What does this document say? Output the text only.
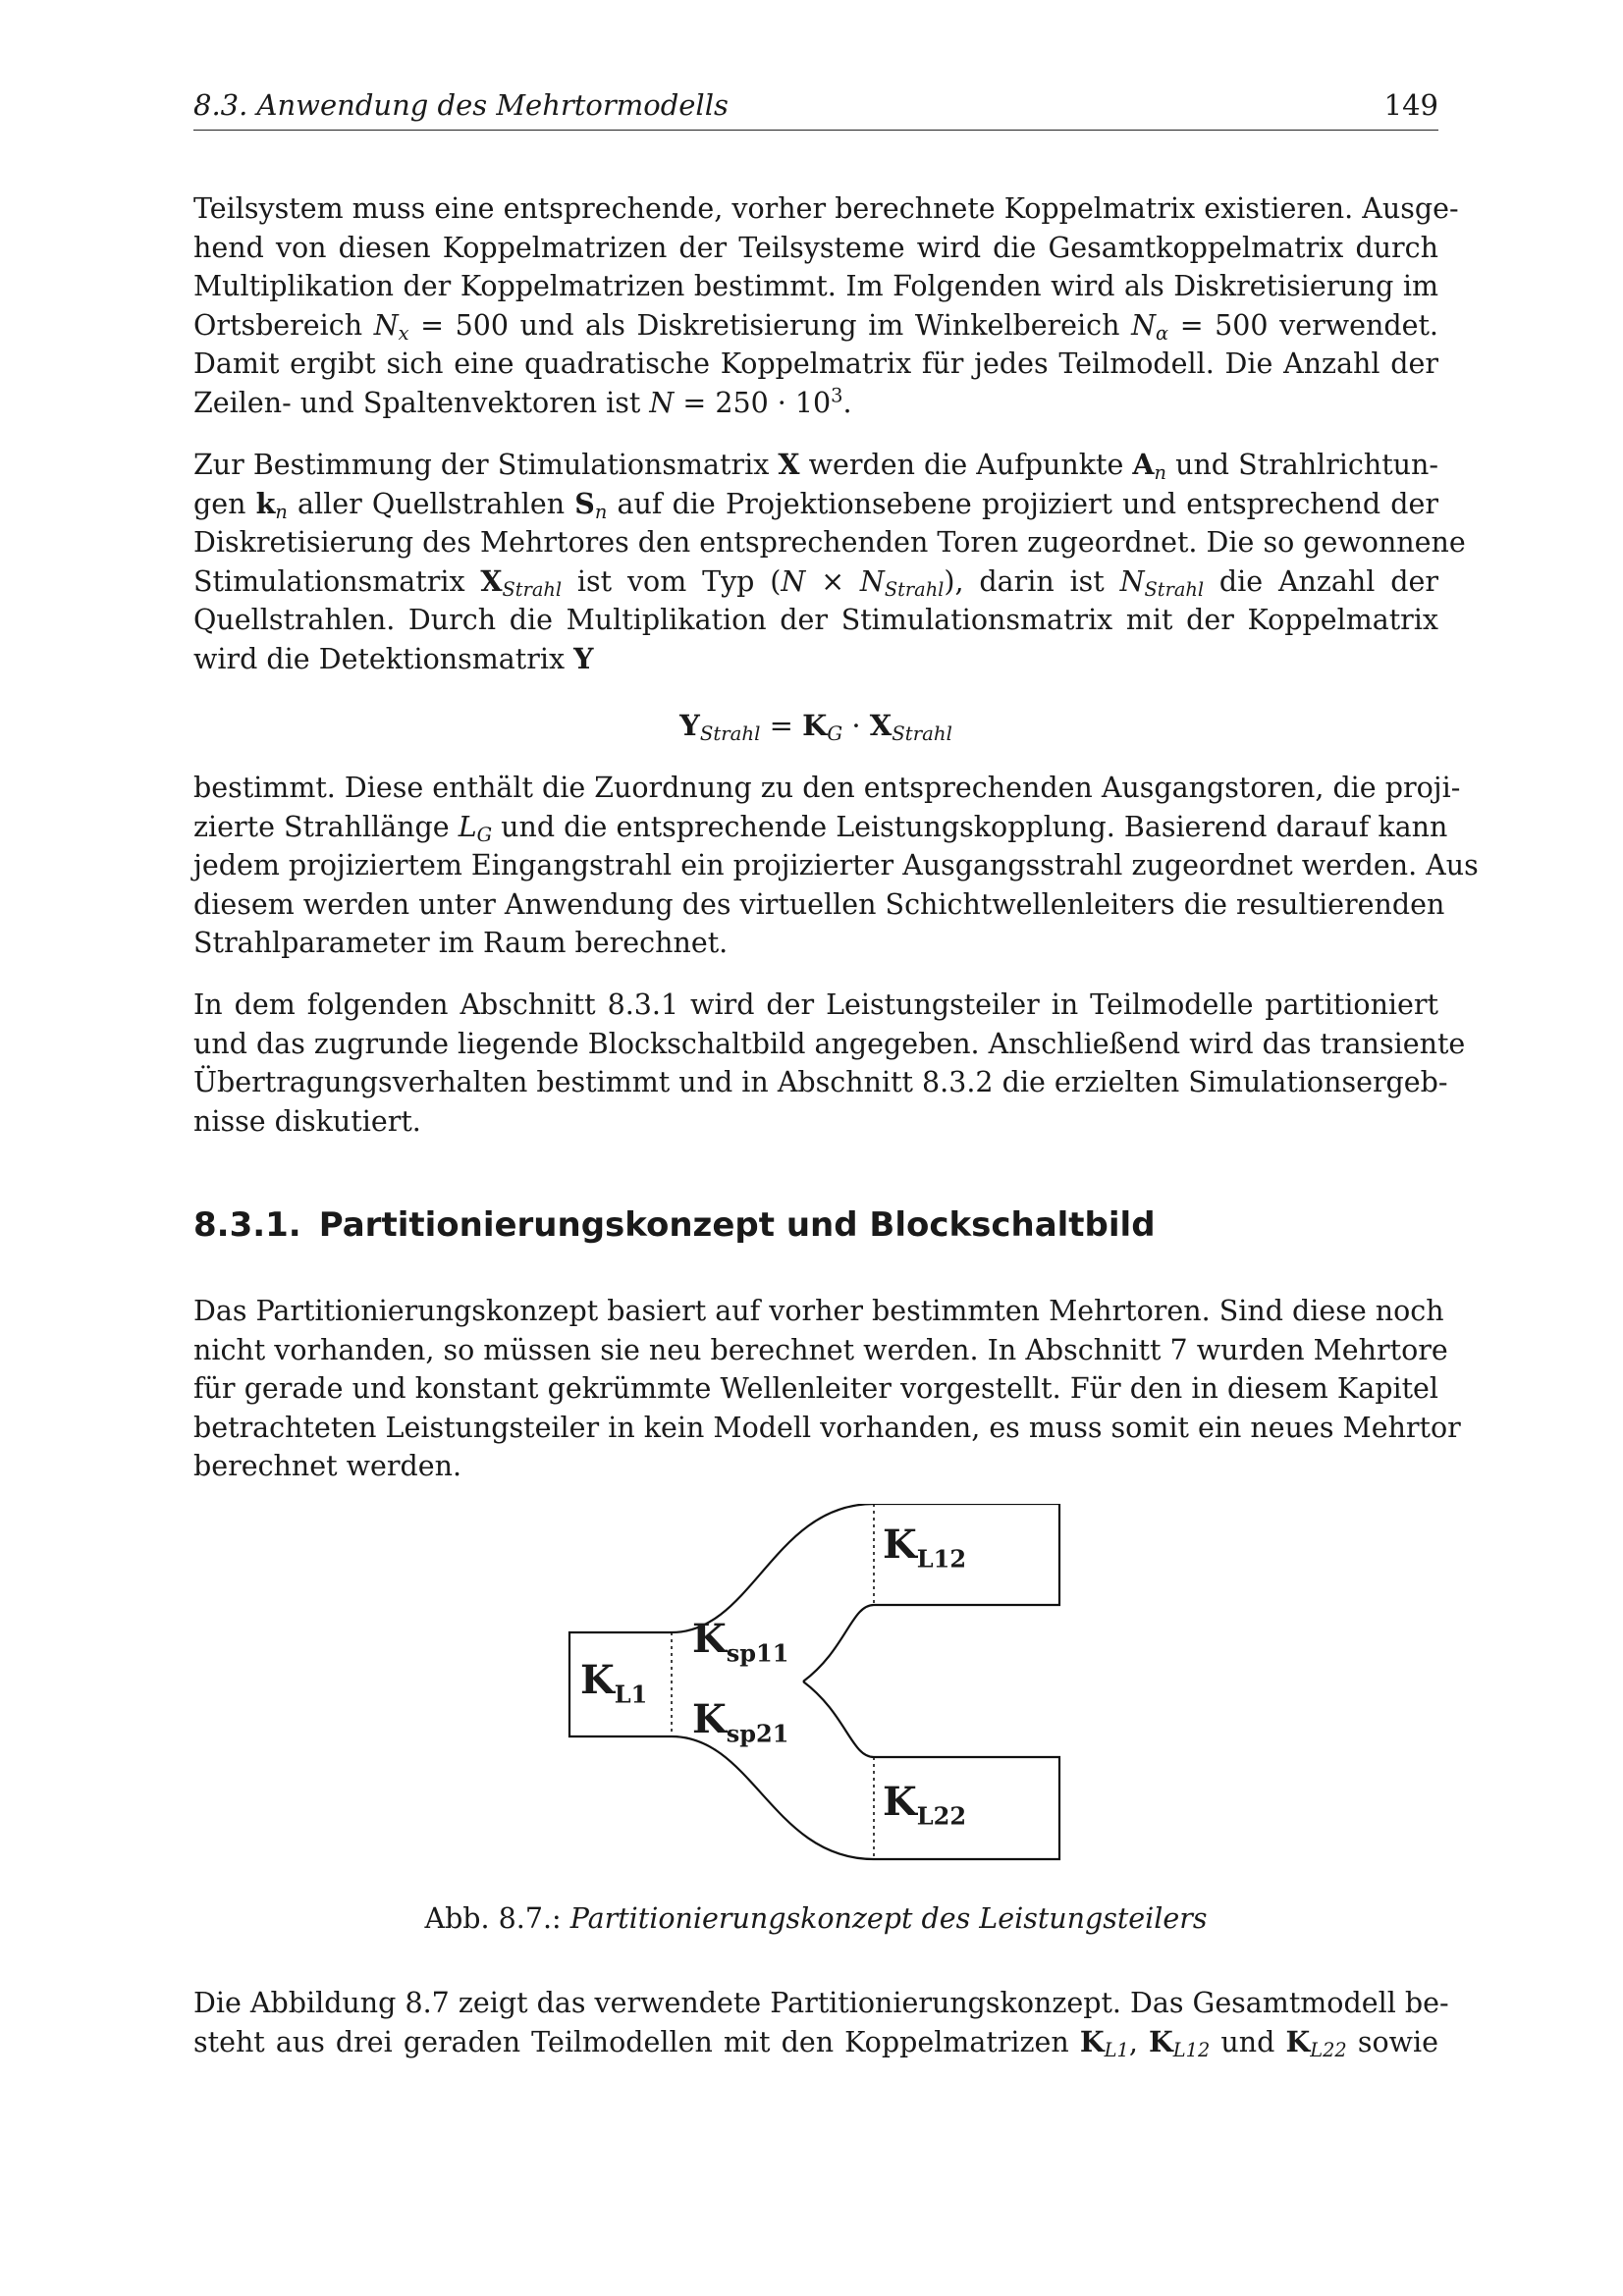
8.3. Anwendung des Mehrtormodells	149

Teilsystem muss eine entsprechende, vorher berechnete Koppelmatrix existieren. Ausge-
hend von diesen Koppelmatrizen der Teilsysteme wird die Gesamtkoppelmatrix durch
Multiplikation der Koppelmatrizen bestimmt. Im Folgenden wird als Diskretisierung im
Ortsbereich $N_x = 500$ und als Diskretisierung im Winkelbereich $N_\alpha = 500$ verwendet.
Damit ergibt sich eine quadratische Koppelmatrix für jedes Teilmodell. Die Anzahl der
Zeilen- und Spaltenvektoren ist $N = 250 \cdot 10^3$.

Zur Bestimmung der Stimulationsmatrix X werden die Aufpunkte $A_n$ und Strahlrichtun-
gen $k_n$ aller Quellstrahlen $S_n$ auf die Projektionsebene projiziert und entsprechend der
Diskretisierung des Mehrtores den entsprechenden Toren zugeordnet. Die so gewonnene
Stimulationsmatrix $X_{Strahl}$ ist vom Typ $(N \times N_{Strahl})$, darin ist $N_{Strahl}$ die Anzahl der
Quellstrahlen. Durch die Multiplikation der Stimulationsmatrix mit der Koppelmatrix
wird die Detektionsmatrix Y

$Y_{Strahl} = K_G \cdot X_{Strahl}$

bestimmt. Diese enthält die Zuordnung zu den entsprechenden Ausgangstoren, die proji-
zierte Strahllänge $L_G$ und die entsprechende Leistungskopplung. Basierend darauf kann
jedem projiziertem Eingangstrahl ein projizierter Ausgangsstrahl zugeordnet werden. Aus
diesem werden unter Anwendung des virtuellen Schichtwellenleiters die resultierenden
Strahlparameter im Raum berechnet.

In dem folgenden Abschnitt 8.3.1 wird der Leistungsteiler in Teilmodelle partitioniert
und das zugrunde liegende Blockschaltbild angegeben. Anschließend wird das transiente
Übertragungsverhalten bestimmt und in Abschnitt 8.3.2 die erzielten Simulationsergeb-
nisse diskutiert.

8.3.1. Partitionierungskonzept und Blockschaltbild

Das Partitionierungskonzept basiert auf vorher bestimmten Mehrtoren. Sind diese noch
nicht vorhanden, so müssen sie neu berechnet werden. In Abschnitt 7 wurden Mehrtore
für gerade und konstant gekrümmte Wellenleiter vorgestellt. Für den in diesem Kapitel
betrachteten Leistungsteiler in kein Modell vorhanden, es muss somit ein neues Mehrtor
berechnet werden.

$K_{L12}$
$K_{sp11}$
$K_{L1}$
$K_{sp21}$
$K_{L22}$
Abb. 8.7.: Partitionierungskonzept des Leistungsteilers

Die Abbildung 8.7 zeigt das verwendete Partitionierungskonzept. Das Gesamtmodell be-
steht aus drei geraden Teilmodellen mit den Koppelmatrizen $K_{L1}$, $K_{L12}$ und $K_{L22}$ sowie
